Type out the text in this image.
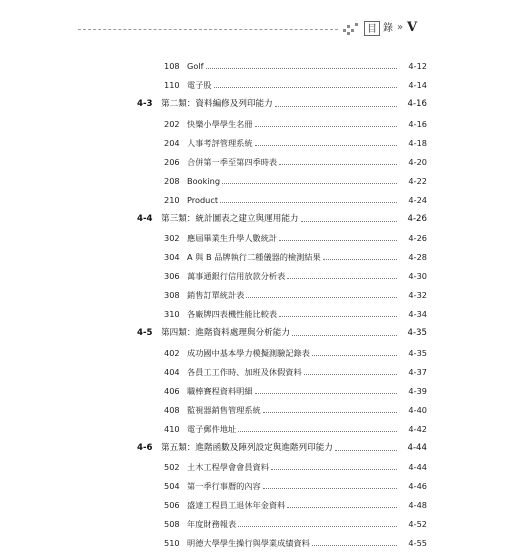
目 錄 » V
108 Golf	4-12
110 電子股	4-14
4-3 第二類：資料編修及列印能力	4-16
202 快樂小學學生名冊	4-16
204 人事考評管理系統	4-18
206 合併第一季至第四季時表	4-20
208 Booking	4-22
210 Product	4-24
4-4 第三類：統計圖表之建立與運用能力	4-26
302 應屆畢業生升學人數統計	4-26
304 A 與 B 品牌執行二種儀器的檢測結果	4-28
306 萬事通銀行信用放款分析表	4-30
308 銷售訂單統計表	4-32
310 各廠牌四表機性能比較表	4-34
4-5 第四類：進階資料處理與分析能力	4-35
402 成功國中基本學力模擬測驗記錄表	4-35
404 各員工工作時、加班及休假資料	4-37
406 職棒賽程資料明細	4-39
408 監視器銷售管理系統	4-40
410 電子郵件地址	4-42
4-6 第五類：進階函數及陣列設定與進階列印能力	4-44
502 土木工程學會會員資料	4-44
504 第一季行事曆的內容	4-46
506 盛達工程員工退休年金資料	4-48
508 年度財務報表	4-52
510 明德大學學生操行與學業成績資料	4-55
